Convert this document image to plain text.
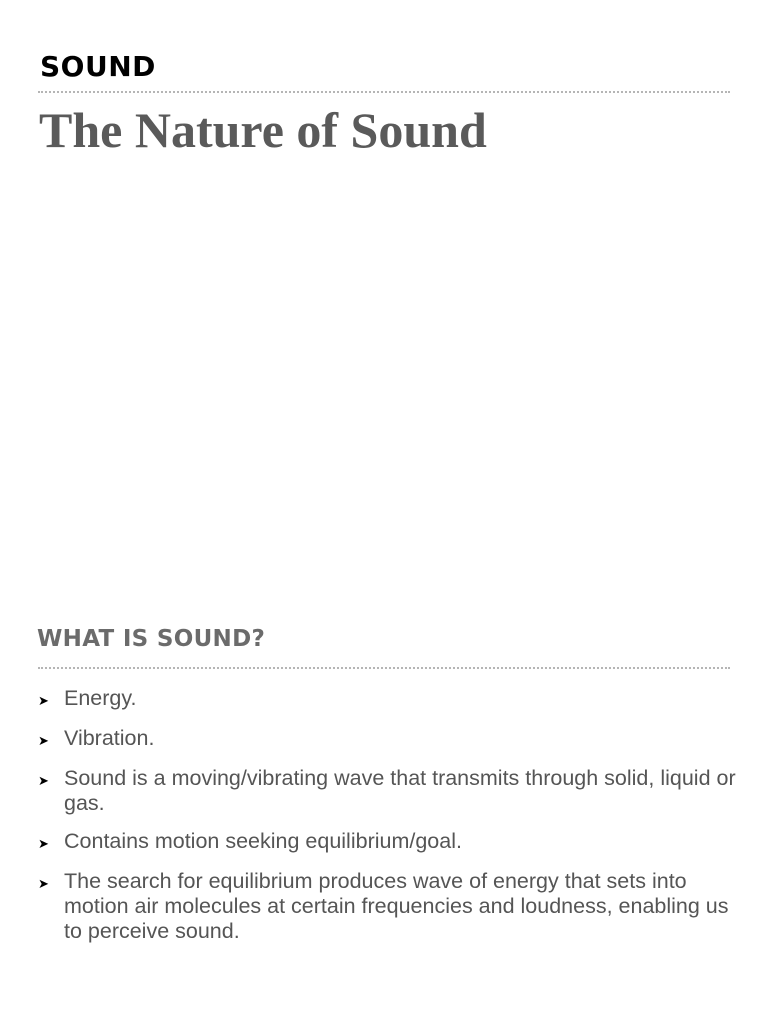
SOUND
The Nature of Sound
WHAT IS SOUND?
➤ Energy.
➤ Vibration.
➤ Sound is a moving/vibrating wave that transmits through solid, liquid or gas.
➤ Contains motion seeking equilibrium/goal.
➤ The search for equilibrium produces wave of energy that sets into motion air molecules at certain frequencies and loudness, enabling us to perceive sound.
